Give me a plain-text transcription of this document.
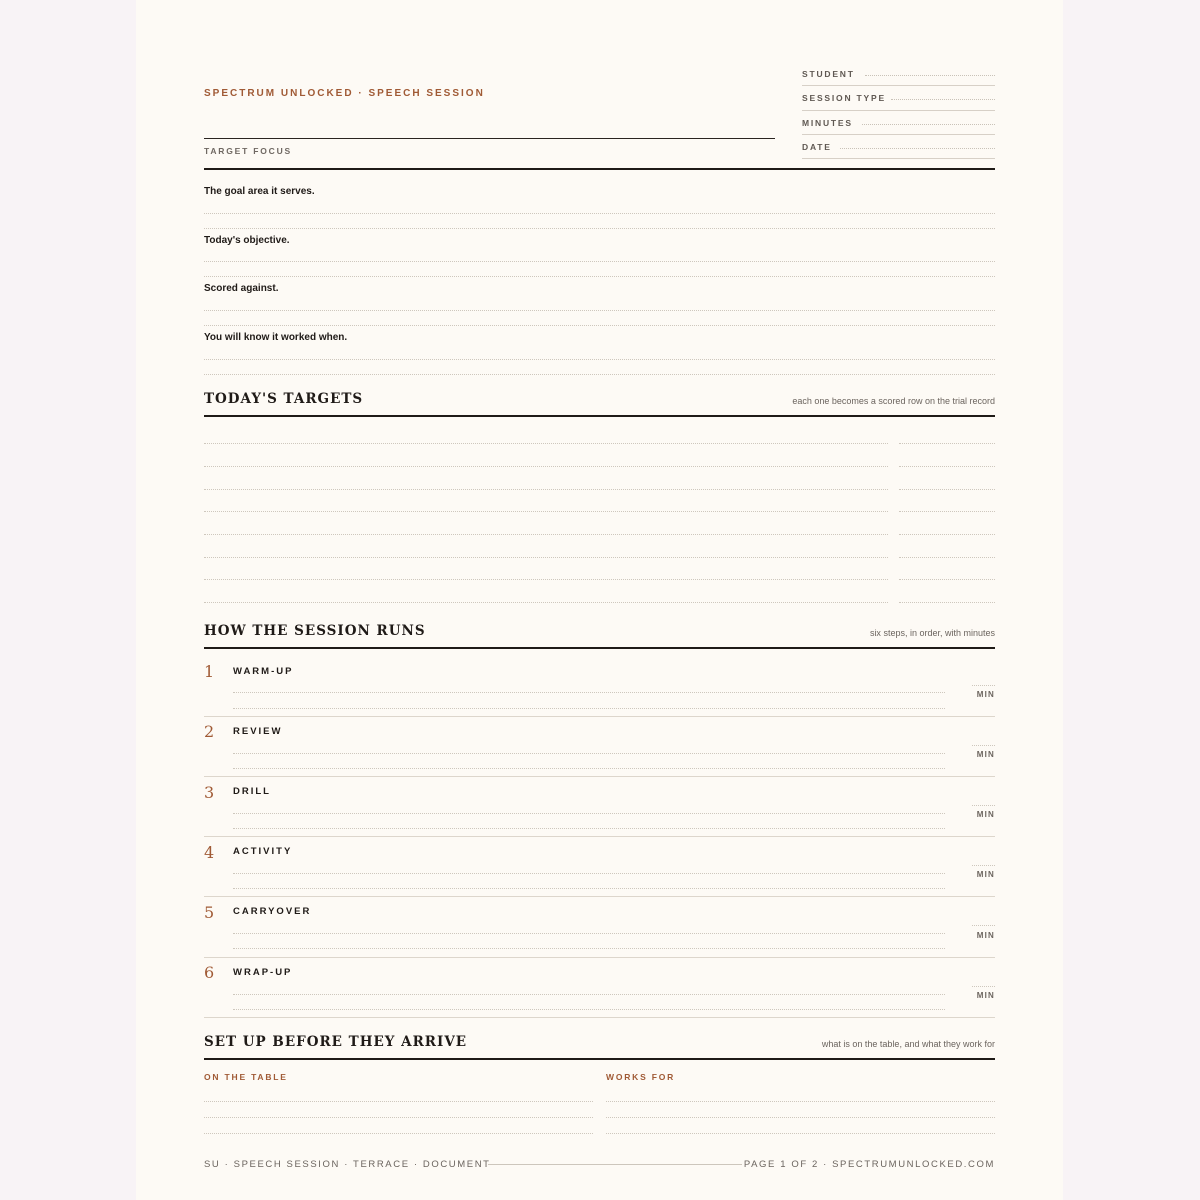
SPECTRUM UNLOCKED · SPEECH SESSION
TARGET FOCUS
STUDENT
SESSION TYPE
MINUTES
DATE
The goal area it serves.
Today's objective.
Scored against.
You will know it worked when.
TODAY'S TARGETS	each one becomes a scored row on the trial record
HOW THE SESSION RUNS	six steps, in order, with minutes
1 WARM-UP
MIN
2 REVIEW
MIN
3 DRILL
MIN
4 ACTIVITY
MIN
5 CARRYOVER
MIN
6 WRAP-UP
MIN
SET UP BEFORE THEY ARRIVE	what is on the table, and what they work for
ON THE TABLE	WORKS FOR
SU · SPEECH SESSION · TERRACE · DOCUMENT	PAGE 1 OF 2 · SPECTRUMUNLOCKED.COM
